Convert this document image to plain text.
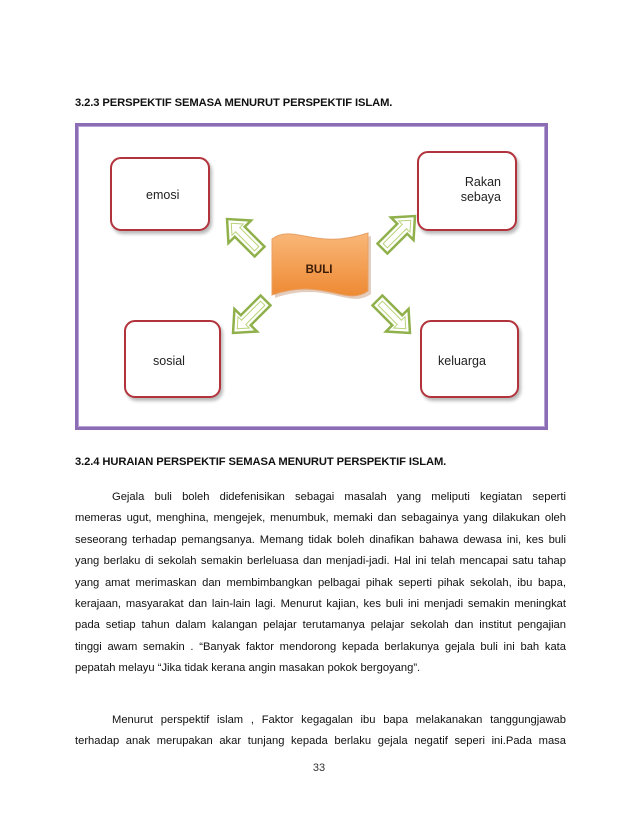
3.2.3 PERSPEKTIF SEMASA MENURUT PERSPEKTIF ISLAM.
emosi
Rakan
sebaya
sosial	keluarga
BULI
3.2.4 HURAIAN PERSPEKTIF SEMASA MENURUT PERSPEKTIF ISLAM.
Gejala buli boleh didefenisikan sebagai masalah yang meliputi kegiatan seperti
memeras ugut, menghina, mengejek, menumbuk, memaki dan sebagainya yang dilakukan oleh
seseorang terhadap pemangsanya. Memang tidak boleh dinafikan bahawa dewasa ini, kes buli
yang berlaku di sekolah semakin berleluasa dan menjadi-jadi. Hal ini telah mencapai satu tahap
yang amat merimaskan dan membimbangkan pelbagai pihak seperti pihak sekolah, ibu bapa,
kerajaan, masyarakat dan lain-lain lagi. Menurut kajian, kes buli ini menjadi semakin meningkat
pada setiap tahun dalam kalangan pelajar terutamanya pelajar sekolah dan institut pengajian
tinggi awam semakin . “Banyak faktor mendorong kepada berlakunya gejala buli ini bah kata
pepatah melayu “Jika tidak kerana angin masakan pokok bergoyang”.
Menurut perspektif islam , Faktor kegagalan ibu bapa melakanakan tanggungjawab
terhadap anak merupakan akar tunjang kepada berlaku gejala negatif seperi ini.Pada masa
33
